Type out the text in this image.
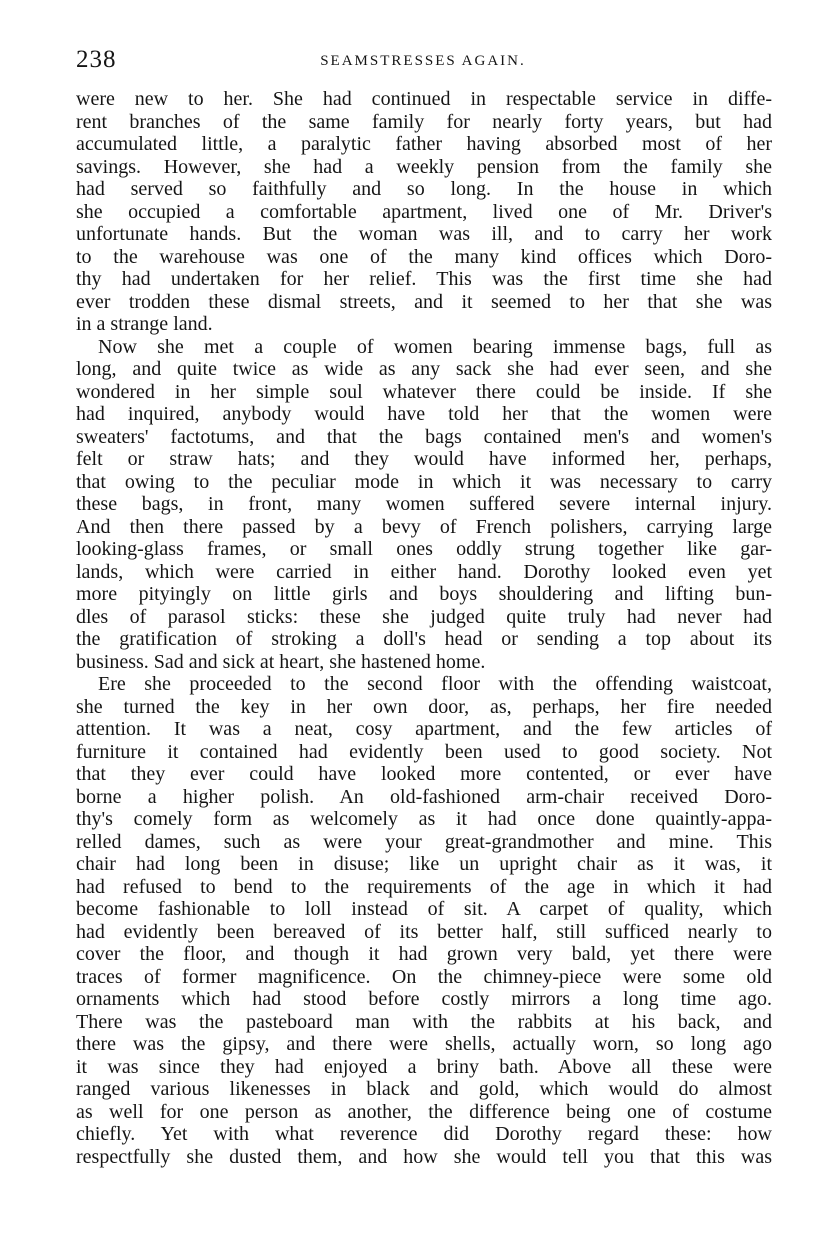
238	SEAMSTRESSES AGAIN.
were new to her. She had continued in respectable service in diffe-
rent branches of the same family for nearly forty years, but had
accumulated little, a paralytic father having absorbed most of her
savings. However, she had a weekly pension from the family she
had served so faithfully and so long. In the house in which
she occupied a comfortable apartment, lived one of Mr. Driver's
unfortunate hands. But the woman was ill, and to carry her work
to the warehouse was one of the many kind offices which Doro-
thy had undertaken for her relief. This was the first time she had
ever trodden these dismal streets, and it seemed to her that she was
in a strange land.
Now she met a couple of women bearing immense bags, full as
long, and quite twice as wide as any sack she had ever seen, and she
wondered in her simple soul whatever there could be inside. If she
had inquired, anybody would have told her that the women were
sweaters' factotums, and that the bags contained men's and women's
felt or straw hats; and they would have informed her, perhaps,
that owing to the peculiar mode in which it was necessary to carry
these bags, in front, many women suffered severe internal injury.
And then there passed by a bevy of French polishers, carrying large
looking-glass frames, or small ones oddly strung together like gar-
lands, which were carried in either hand. Dorothy looked even yet
more pityingly on little girls and boys shouldering and lifting bun-
dles of parasol sticks: these she judged quite truly had never had
the gratification of stroking a doll's head or sending a top about its
business. Sad and sick at heart, she hastened home.
Ere she proceeded to the second floor with the offending waistcoat,
she turned the key in her own door, as, perhaps, her fire needed
attention. It was a neat, cosy apartment, and the few articles of
furniture it contained had evidently been used to good society. Not
that they ever could have looked more contented, or ever have
borne a higher polish. An old-fashioned arm-chair received Doro-
thy's comely form as welcomely as it had once done quaintly-appa-
relled dames, such as were your great-grandmother and mine. This
chair had long been in disuse; like un upright chair as it was, it
had refused to bend to the requirements of the age in which it had
become fashionable to loll instead of sit. A carpet of quality, which
had evidently been bereaved of its better half, still sufficed nearly to
cover the floor, and though it had grown very bald, yet there were
traces of former magnificence. On the chimney-piece were some old
ornaments which had stood before costly mirrors a long time ago.
There was the pasteboard man with the rabbits at his back, and
there was the gipsy, and there were shells, actually worn, so long ago
it was since they had enjoyed a briny bath. Above all these were
ranged various likenesses in black and gold, which would do almost
as well for one person as another, the difference being one of costume
chiefly. Yet with what reverence did Dorothy regard these: how
respectfully she dusted them, and how she would tell you that this was
